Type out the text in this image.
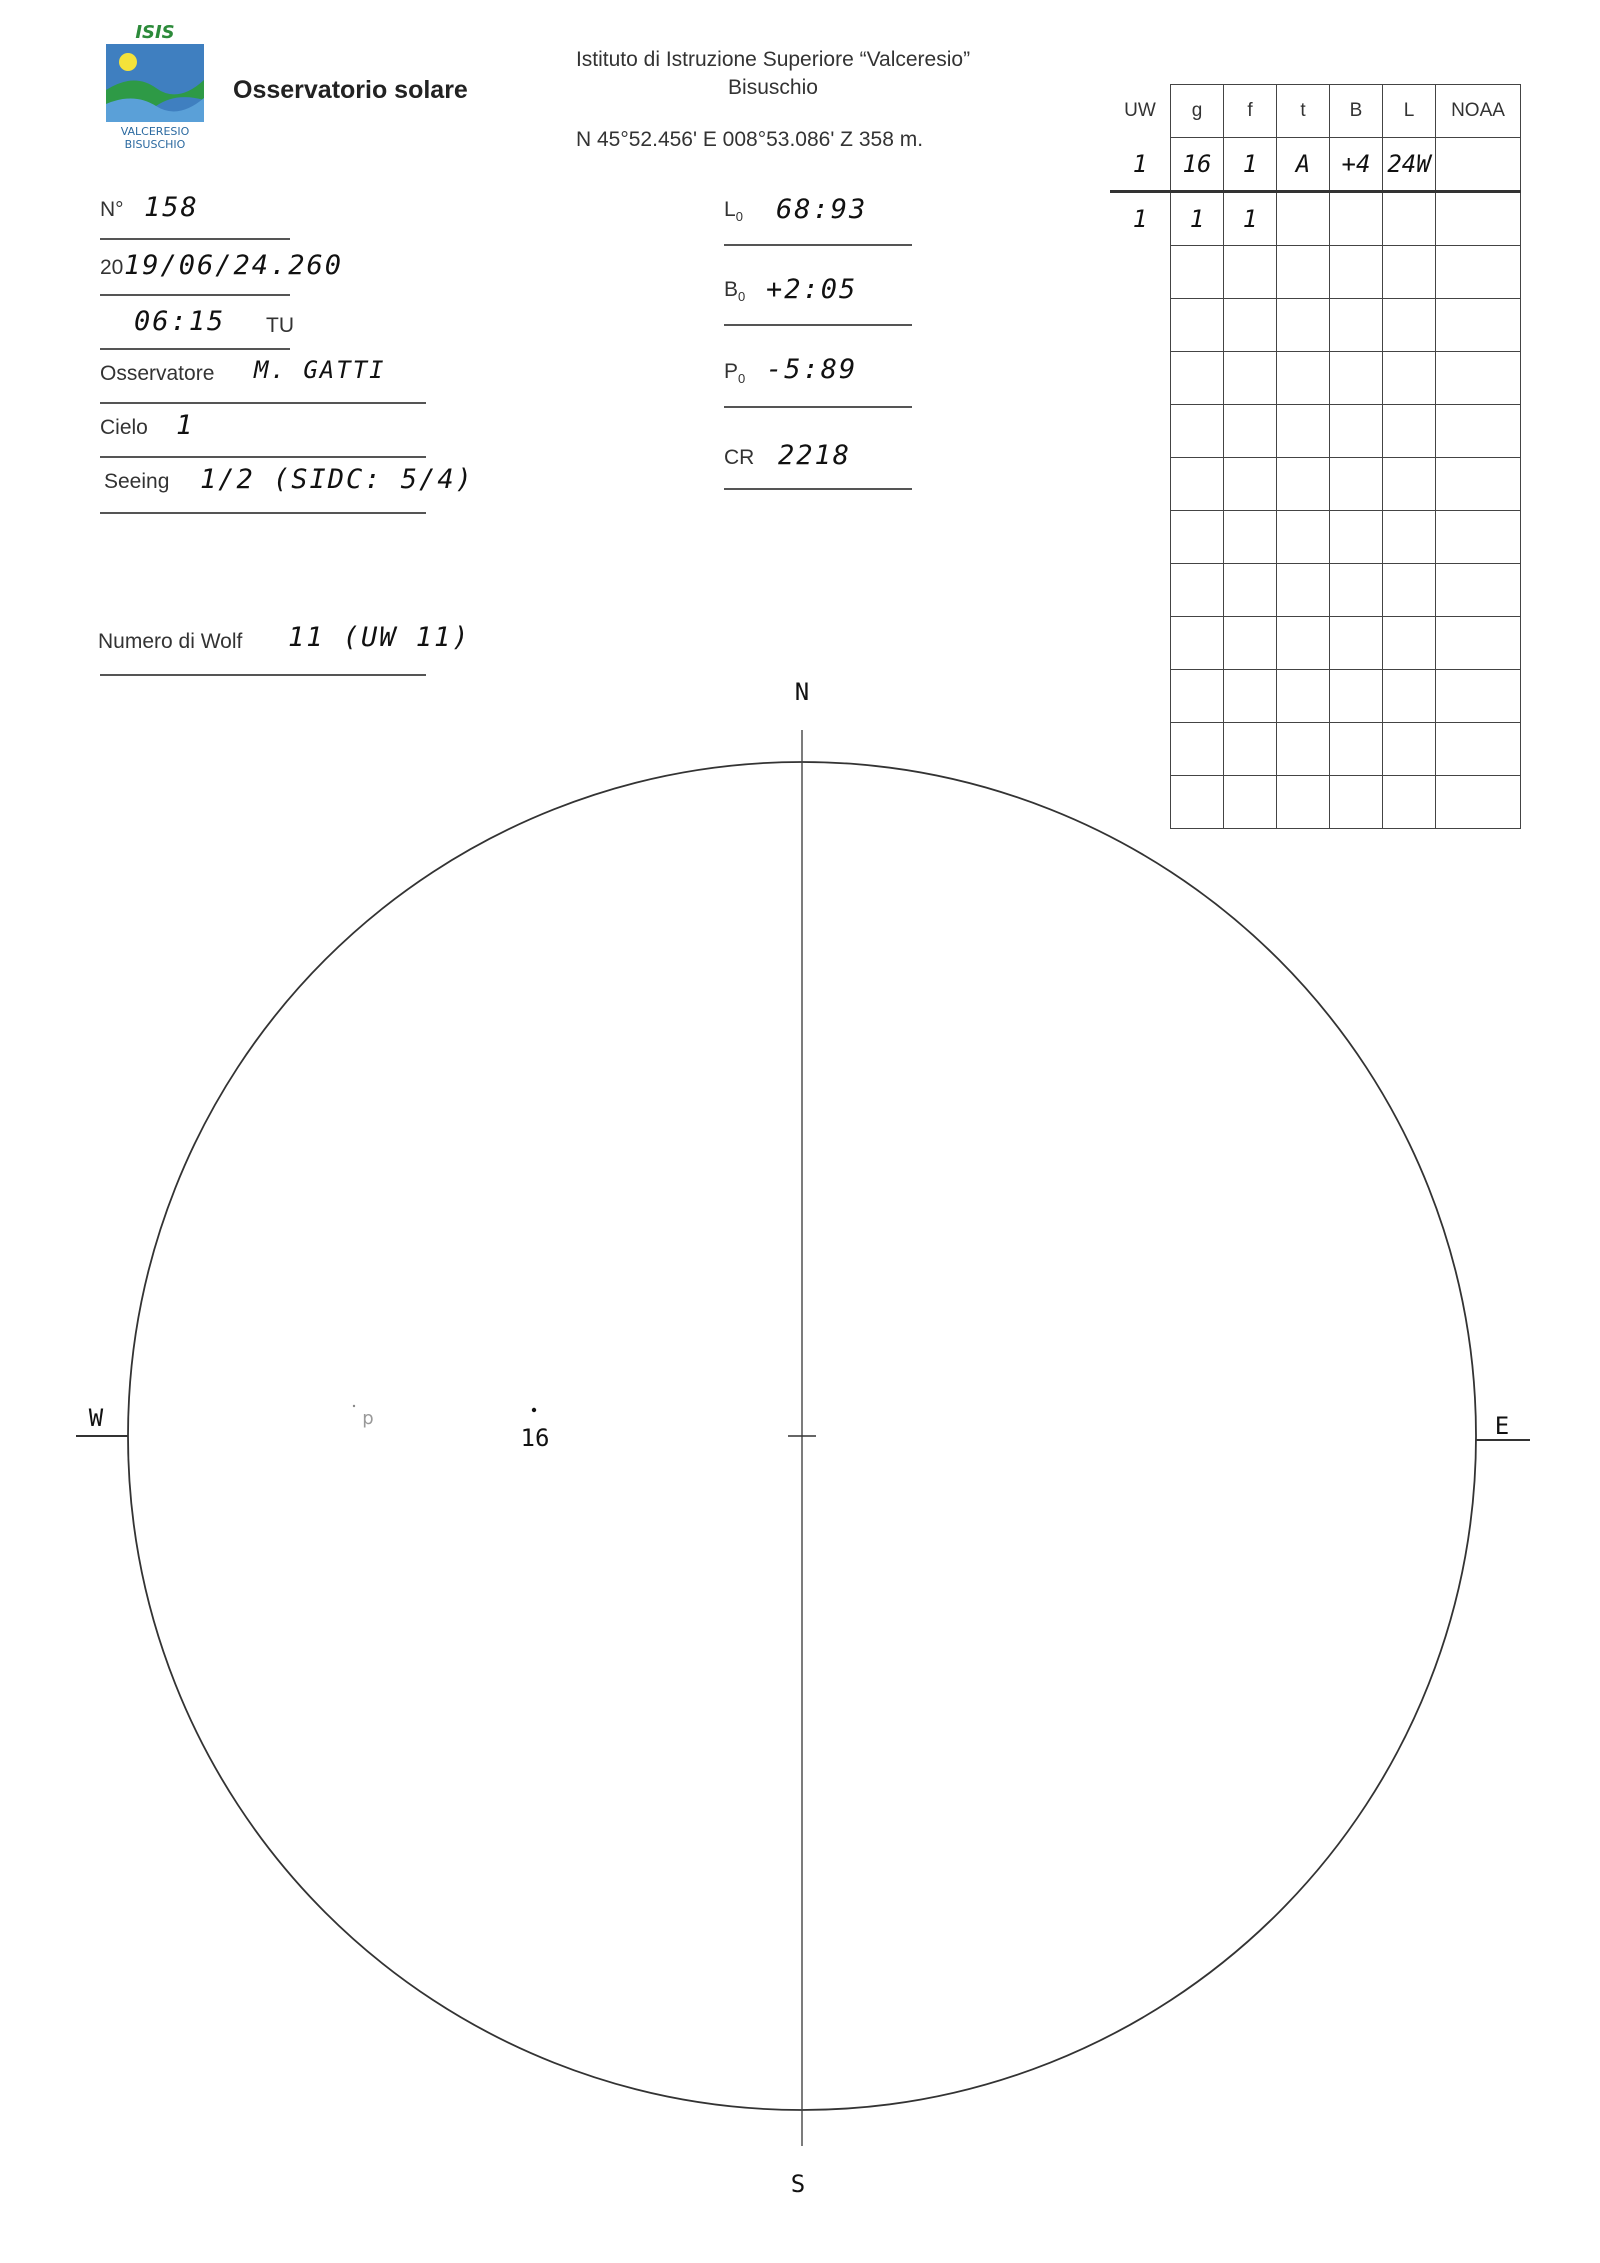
ISIS
VALCERESIO
BISUSCHIO
Osservatorio solare
Istituto di Istruzione Superiore “Valceresio”
Bisuschio
N 45°52.456' E 008°53.086' Z 358 m.
N° 158
20 19/06/24.260
06:15 TU
Osservatore M. GATTI
Cielo 1
Seeing 1/2 (SIDC: 5/4)
Numero di Wolf 11 (UW 11)
$L_0$ 68:93
$B_0$ +2:05
$P_0$ -5:89
CR 2218
UW	g	f	t	B	L	NOAA
1	16	1	A	+4	24W	
1	1	1				

N
S
W	E
16
p
